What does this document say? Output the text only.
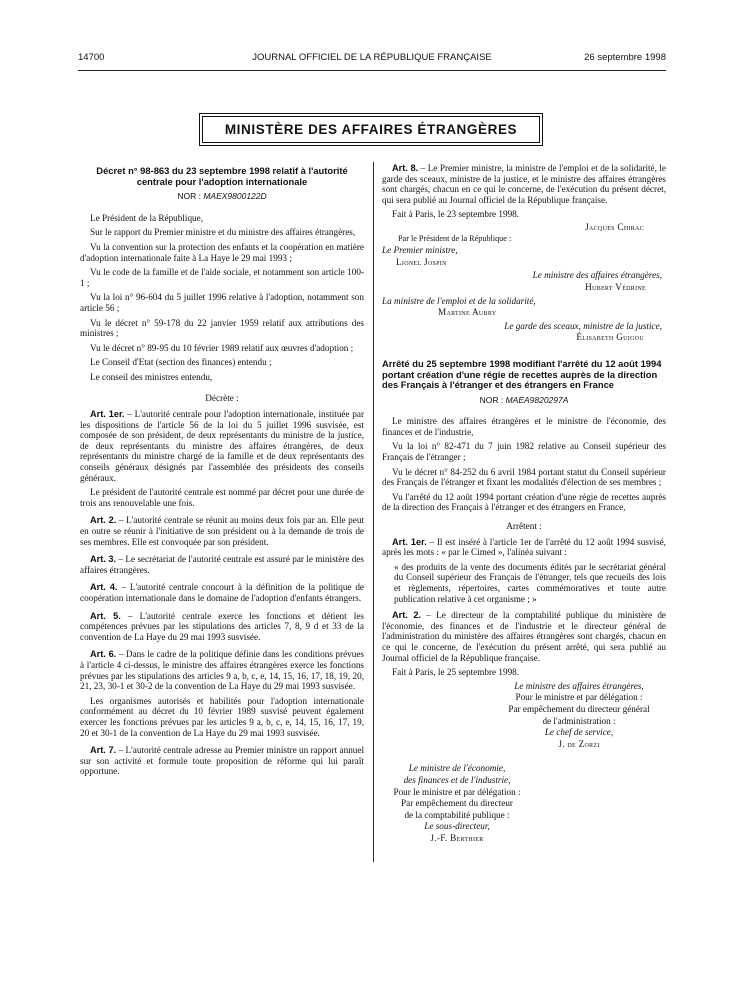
14700	JOURNAL OFFICIEL DE LA RÉPUBLIQUE FRANÇAISE	26 septembre 1998
MINISTÈRE DES AFFAIRES ÉTRANGÈRES
Décret n° 98-863 du 23 septembre 1998 relatif à l'autorité centrale pour l'adoption internationale
NOR : MAEX9800122D

Le Président de la République,

Sur le rapport du Premier ministre et du ministre des affaires étrangères,

Vu la convention sur la protection des enfants et la coopération en matière d'adoption internationale faite à La Haye le 29 mai 1993 ;

Vu le code de la famille et de l'aide sociale, et notamment son article 100-1 ;

Vu la loi n° 96-604 du 5 juillet 1996 relative à l'adoption, notamment son article 56 ;

Vu le décret n° 59-178 du 22 janvier 1959 relatif aux attributions des ministres ;

Vu le décret n° 89-95 du 10 février 1989 relatif aux œuvres d'adoption ;

Le Conseil d'Etat (section des finances) entendu ;

Le conseil des ministres entendu,

Décrète :

Art. 1er. – L'autorité centrale pour l'adoption internationale, instituée par les dispositions de l'article 56 de la loi du 5 juillet 1996 susvisée, est composée de son président, de deux représentants du ministre de la justice, de deux représentants du ministre des affaires étrangères, de deux représentants du ministre chargé de la famille et de deux représentants des conseils généraux désignés par l'assemblée des présidents des conseils généraux.

Le président de l'autorité centrale est nommé par décret pour une durée de trois ans renouvelable une fois.

Art. 2. – L'autorité centrale se réunit au moins deux fois par an. Elle peut en outre se réunir à l'initiative de son président ou à la demande de trois de ses membres. Elle est convoquée par son président.

Art. 3. – Le secrétariat de l'autorité centrale est assuré par le ministère des affaires étrangères.

Art. 4. – L'autorité centrale concourt à la définition de la politique de coopération internationale dans le domaine de l'adoption d'enfants étrangers.

Art. 5. – L'autorité centrale exerce les fonctions et détient les compétences prévues par les stipulations des articles 7, 8, 9 d et 33 de la convention de La Haye du 29 mai 1993 susvisée.

Art. 6. – Dans le cadre de la politique définie dans les conditions prévues à l'article 4 ci-dessus, le ministre des affaires étrangères exerce les fonctions prévues par les stipulations des articles 9 a, b, c, e, 14, 15, 16, 17, 18, 19, 20, 21, 23, 30-1 et 30-2 de la convention de La Haye du 29 mai 1993 susvisée.

Les organismes autorisés et habilités pour l'adoption internationale conformément au décret du 10 février 1989 susvisé peuvent également exercer les fonctions prévues par les articles 9 a, b, c, e, 14, 15, 16, 17, 19, 20 et 30-1 de la convention de La Haye du 29 mai 1993 susvisée.

Art. 7. – L'autorité centrale adresse au Premier ministre un rapport annuel sur son activité et formule toute proposition de réforme qui lui paraît opportune.

Art. 8. – Le Premier ministre, la ministre de l'emploi et de la solidarité, le garde des sceaux, ministre de la justice, et le ministre des affaires étrangères sont chargés, chacun en ce qui le concerne, de l'exécution du présent décret, qui sera publié au Journal officiel de la République française.

Fait à Paris, le 23 septembre 1998.

Jacques Chirac

Par le Président de la République :

Le Premier ministre,

Lionel Jospin

Le ministre des affaires étrangères,

Hubert Védrine

La ministre de l'emploi et de la solidarité,

Martine Aubry

Le garde des sceaux, ministre de la justice,

Élisabeth Guigou

Arrêté du 25 septembre 1998 modifiant l'arrêté du 12 août 1994 portant création d'une régie de recettes auprès de la direction des Français à l'étranger et des étrangers en France
NOR : MAEA9820297A

Le ministre des affaires étrangères et le ministre de l'économie, des finances et de l'industrie,

Vu la loi n° 82-471 du 7 juin 1982 relative au Conseil supérieur des Français de l'étranger ;

Vu le décret n° 84-252 du 6 avril 1984 portant statut du Conseil supérieur des Français de l'étranger et fixant les modalités d'élection de ses membres ;

Vu l'arrêté du 12 août 1994 portant création d'une régie de recettes auprès de la direction des Français à l'étranger et des étrangers en France,

Arrêtent :

Art. 1er. – Il est inséré à l'article 1er de l'arrêté du 12 août 1994 susvisé, après les mots : « par le Cimed », l'alinéa suivant :

« des produits de la vente des documents édités par le secrétariat général du Conseil supérieur des Français de l'étranger, tels que recueils des lois et règlements, répertoires, cartes commémoratives et toute autre publication relative à cet organisme ; »

Art. 2. – Le directeur de la comptabilité publique du ministère de l'économie, des finances et de l'industrie et le directeur général de l'administration du ministère des affaires étrangères sont chargés, chacun en ce qui le concerne, de l'exécution du présent arrêté, qui sera publié au Journal officiel de la République française.

Fait à Paris, le 25 septembre 1998.

Le ministre des affaires étrangères,

Pour le ministre et par délégation :

Par empêchement du directeur général

de l'administration :

Le chef de service,

J. de Zorzi

Le ministre de l'économie,

des finances et de l'industrie,

Pour le ministre et par délégation :

Par empêchement du directeur

de la comptabilité publique :

Le sous-directeur,

J.-F. Berthier
